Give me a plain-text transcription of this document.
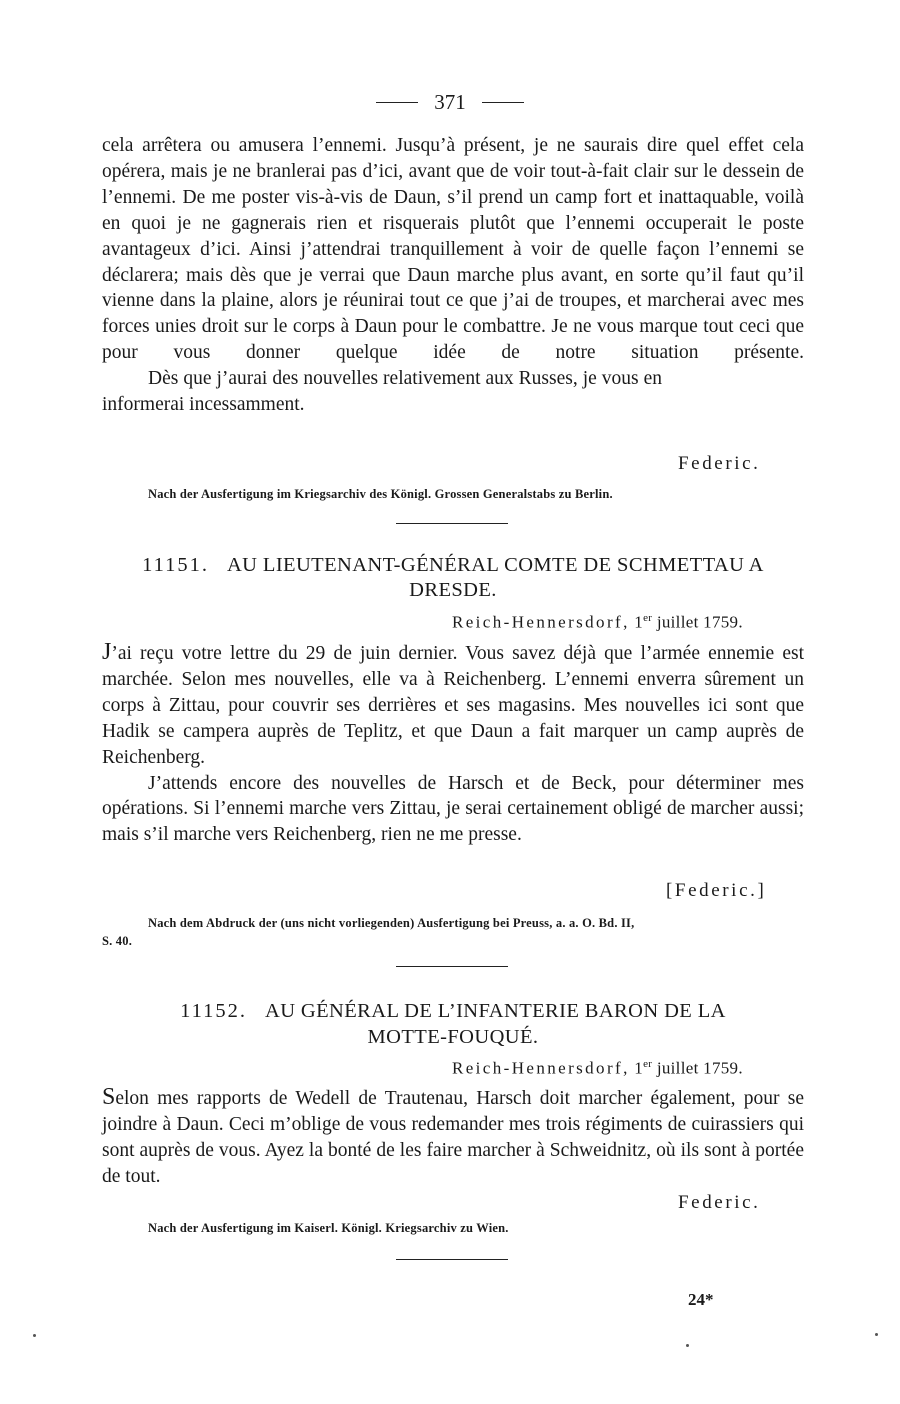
371

cela arrêtera ou amusera l’ennemi. Jusqu’à présent, je ne saurais dire quel effet cela opérera, mais je ne branlerai pas d’ici, avant que de voir tout-à-fait clair sur le dessein de l’ennemi. De me poster vis-à-vis de Daun, s’il prend un camp fort et inattaquable, voilà en quoi je ne gagnerais rien et risquerais plutôt que l’ennemi occuperait le poste avantageux d’ici. Ainsi j’attendrai tranquillement à voir de quelle façon l’ennemi se déclarera; mais dès que je verrai que Daun marche plus avant, en sorte qu’il faut qu’il vienne dans la plaine, alors je réunirai tout ce que j’ai de troupes, et marcherai avec mes forces unies droit sur le corps à Daun pour le combattre. Je ne vous marque tout ceci que pour vous donner quelque idée de notre situation présente.

Dès que j’aurai des nouvelles relativement aux Russes, je vous en informerai incessamment.

Federic.
Nach der Ausfertigung im Kriegsarchiv des Königl. Grossen Generalstabs zu Berlin.
11151. AU LIEUTENANT-GÉNÉRAL COMTE DE SCHMETTAU A DRESDE.
Reich-Hennersdorf, 1er juillet 1759.

J’ai reçu votre lettre du 29 de juin dernier. Vous savez déjà que l’armée ennemie est marchée. Selon mes nouvelles, elle va à Reichenberg. L’ennemi enverra sûrement un corps à Zittau, pour couvrir ses derrières et ses magasins. Mes nouvelles ici sont que Hadik se campera auprès de Teplitz, et que Daun a fait marquer un camp auprès de Reichenberg.

J’attends encore des nouvelles de Harsch et de Beck, pour déterminer mes opérations. Si l’ennemi marche vers Zittau, je serai certainement obligé de marcher aussi; mais s’il marche vers Reichenberg, rien ne me presse.

[Federic.]
Nach dem Abdruck der (uns nicht vorliegenden) Ausfertigung bei Preuss, a. a. O. Bd. II,
S. 40.
11152. AU GÉNÉRAL DE L’INFANTERIE BARON DE LA
MOTTE-FOUQUÉ.
Reich-Hennersdorf, 1er juillet 1759.

Selon mes rapports de Wedell de Trautenau, Harsch doit marcher également, pour se joindre à Daun. Ceci m’oblige de vous redemander mes trois régiments de cuirassiers qui sont auprès de vous. Ayez la bonté de les faire marcher à Schweidnitz, où ils sont à portée de tout.

Federic.
Nach der Ausfertigung im Kaiserl. Königl. Kriegsarchiv zu Wien.
24*
